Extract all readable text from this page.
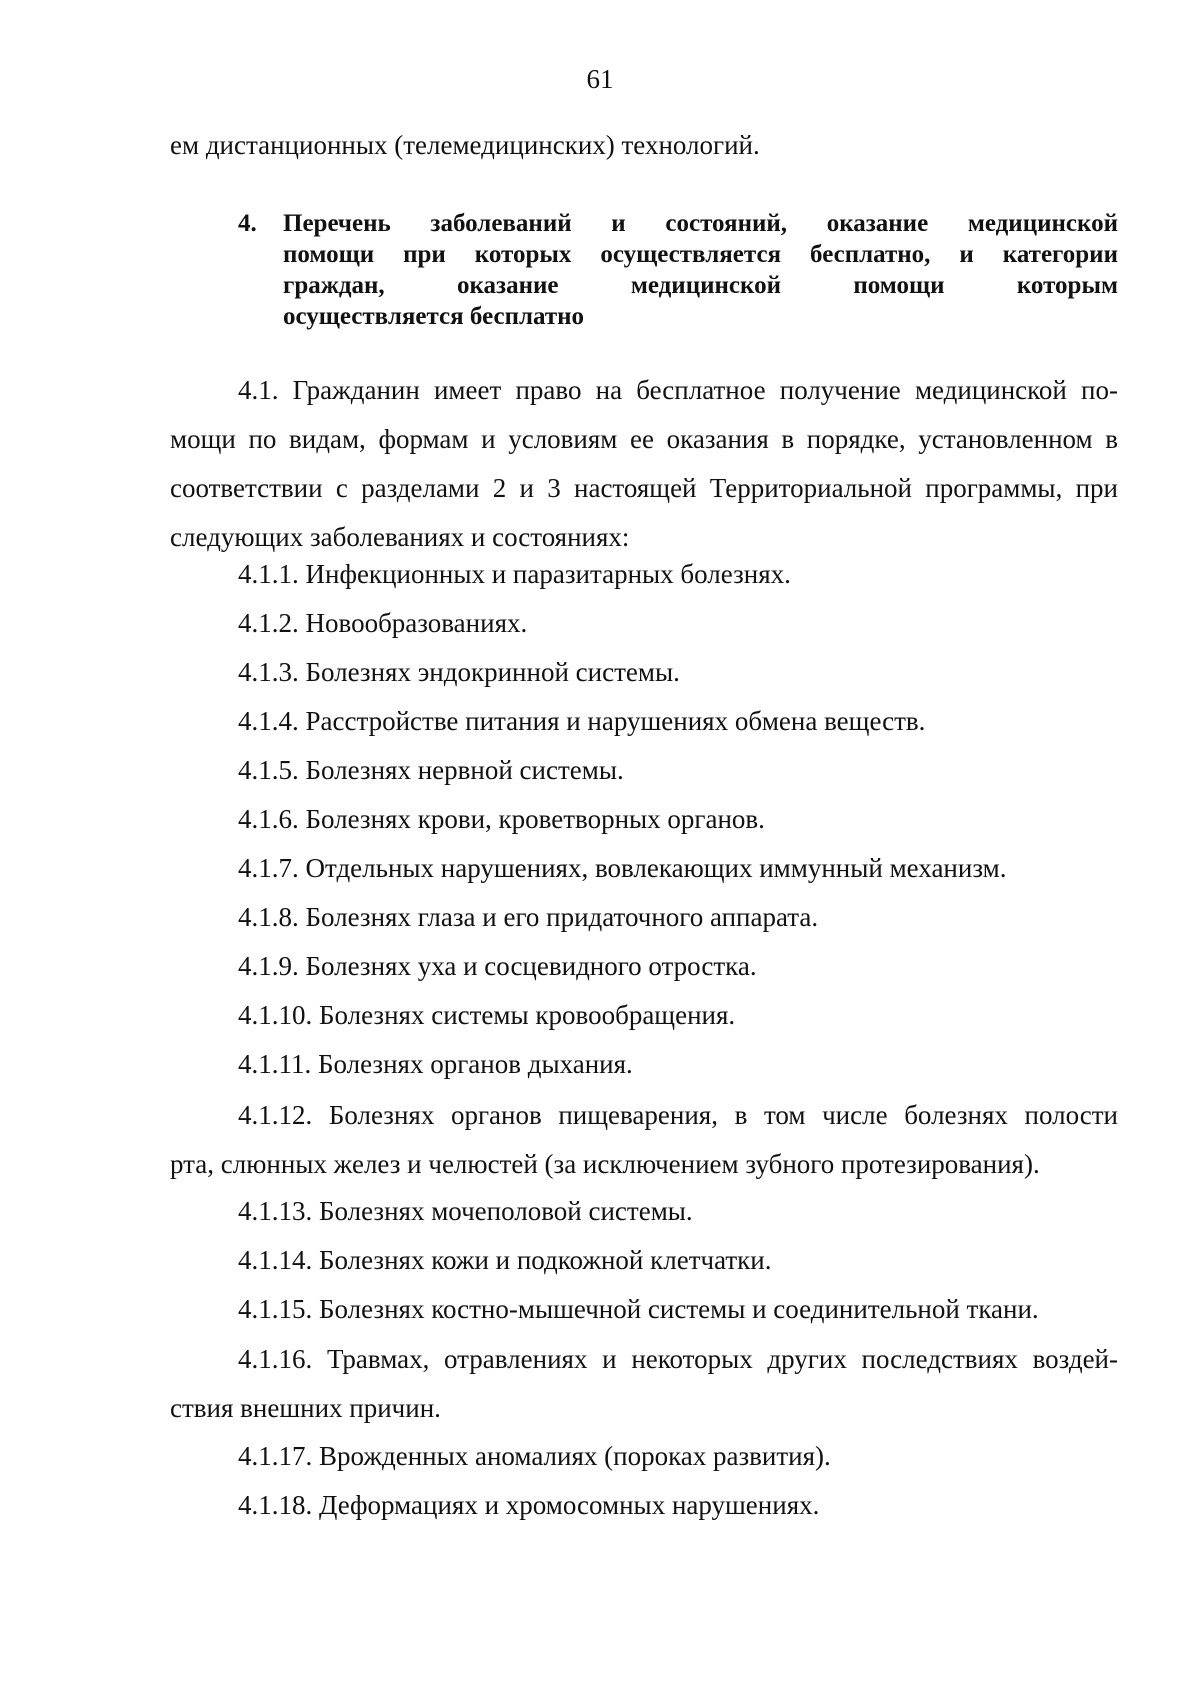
61
ем дистанционных (телемедицинских) технологий.
4. Перечень заболеваний и состояний, оказание медицинской
помощи при которых осуществляется бесплатно, и категории
граждан, оказание медицинской помощи которым
осуществляется бесплатно
4.1. Гражданин имеет право на бесплатное получение медицинской по-
мощи по видам, формам и условиям ее оказания в порядке, установленном в
соответствии с разделами 2 и 3 настоящей Территориальной программы, при
следующих заболеваниях и состояниях:
4.1.1. Инфекционных и паразитарных болезнях.
4.1.2. Новообразованиях.
4.1.3. Болезнях эндокринной системы.
4.1.4. Расстройстве питания и нарушениях обмена веществ.
4.1.5. Болезнях нервной системы.
4.1.6. Болезнях крови, кроветворных органов.
4.1.7. Отдельных нарушениях, вовлекающих иммунный механизм.
4.1.8. Болезнях глаза и его придаточного аппарата.
4.1.9. Болезнях уха и сосцевидного отростка.
4.1.10. Болезнях системы кровообращения.
4.1.11. Болезнях органов дыхания.
4.1.12. Болезнях органов пищеварения, в том числе болезнях полости
рта, слюнных желез и челюстей (за исключением зубного протезирования).
4.1.13. Болезнях мочеполовой системы.
4.1.14. Болезнях кожи и подкожной клетчатки.
4.1.15. Болезнях костно-мышечной системы и соединительной ткани.
4.1.16. Травмах, отравлениях и некоторых других последствиях воздей-
ствия внешних причин.
4.1.17. Врожденных аномалиях (пороках развития).
4.1.18. Деформациях и хромосомных нарушениях.
